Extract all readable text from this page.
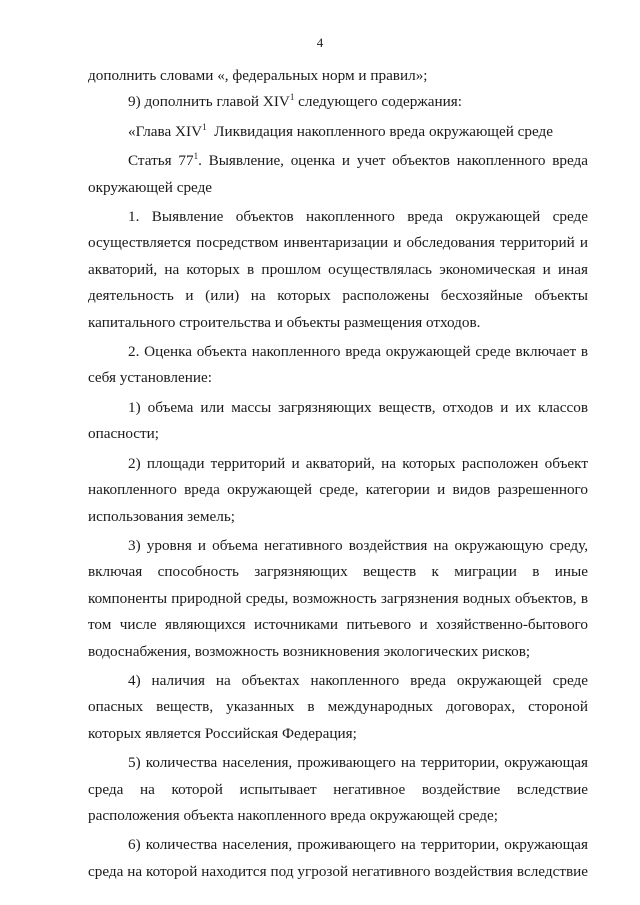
4

дополнить словами «, федеральных норм и правил»;

9) дополнить главой XIV$^1$ следующего содержания:

«Глава XIV$^1$  Ликвидация накопленного вреда окружающей среде

Статья $77^1$. Выявление, оценка и учет объектов накопленного вреда окружающей среде

1. Выявление объектов накопленного вреда окружающей среде осуществляется посредством инвентаризации и обследования территорий и акваторий, на которых в прошлом осуществлялась экономическая и иная деятельность и (или) на которых расположены бесхозяйные объекты капитального строительства и объекты размещения отходов.

2. Оценка объекта накопленного вреда окружающей среде включает в себя установление:

1) объема или массы загрязняющих веществ, отходов и их классов опасности;

2) площади территорий и акваторий, на которых расположен объект накопленного вреда окружающей среде, категории и видов разрешенного использования земель;

3) уровня и объема негативного воздействия на окружающую среду, включая способность загрязняющих веществ к миграции в иные компоненты природной среды, возможность загрязнения водных объектов, в том числе являющихся источниками питьевого и хозяйственно-бытового водоснабжения, возможность возникновения экологических рисков;

4) наличия на объектах накопленного вреда окружающей среде опасных веществ, указанных в международных договорах, стороной которых является Российская Федерация;

5) количества населения, проживающего на территории, окружающая среда на которой испытывает негативное воздействие вследствие расположения объекта накопленного вреда окружающей среде;

6) количества населения, проживающего на территории, окружающая среда на которой находится под угрозой негативного воздействия вследствие
